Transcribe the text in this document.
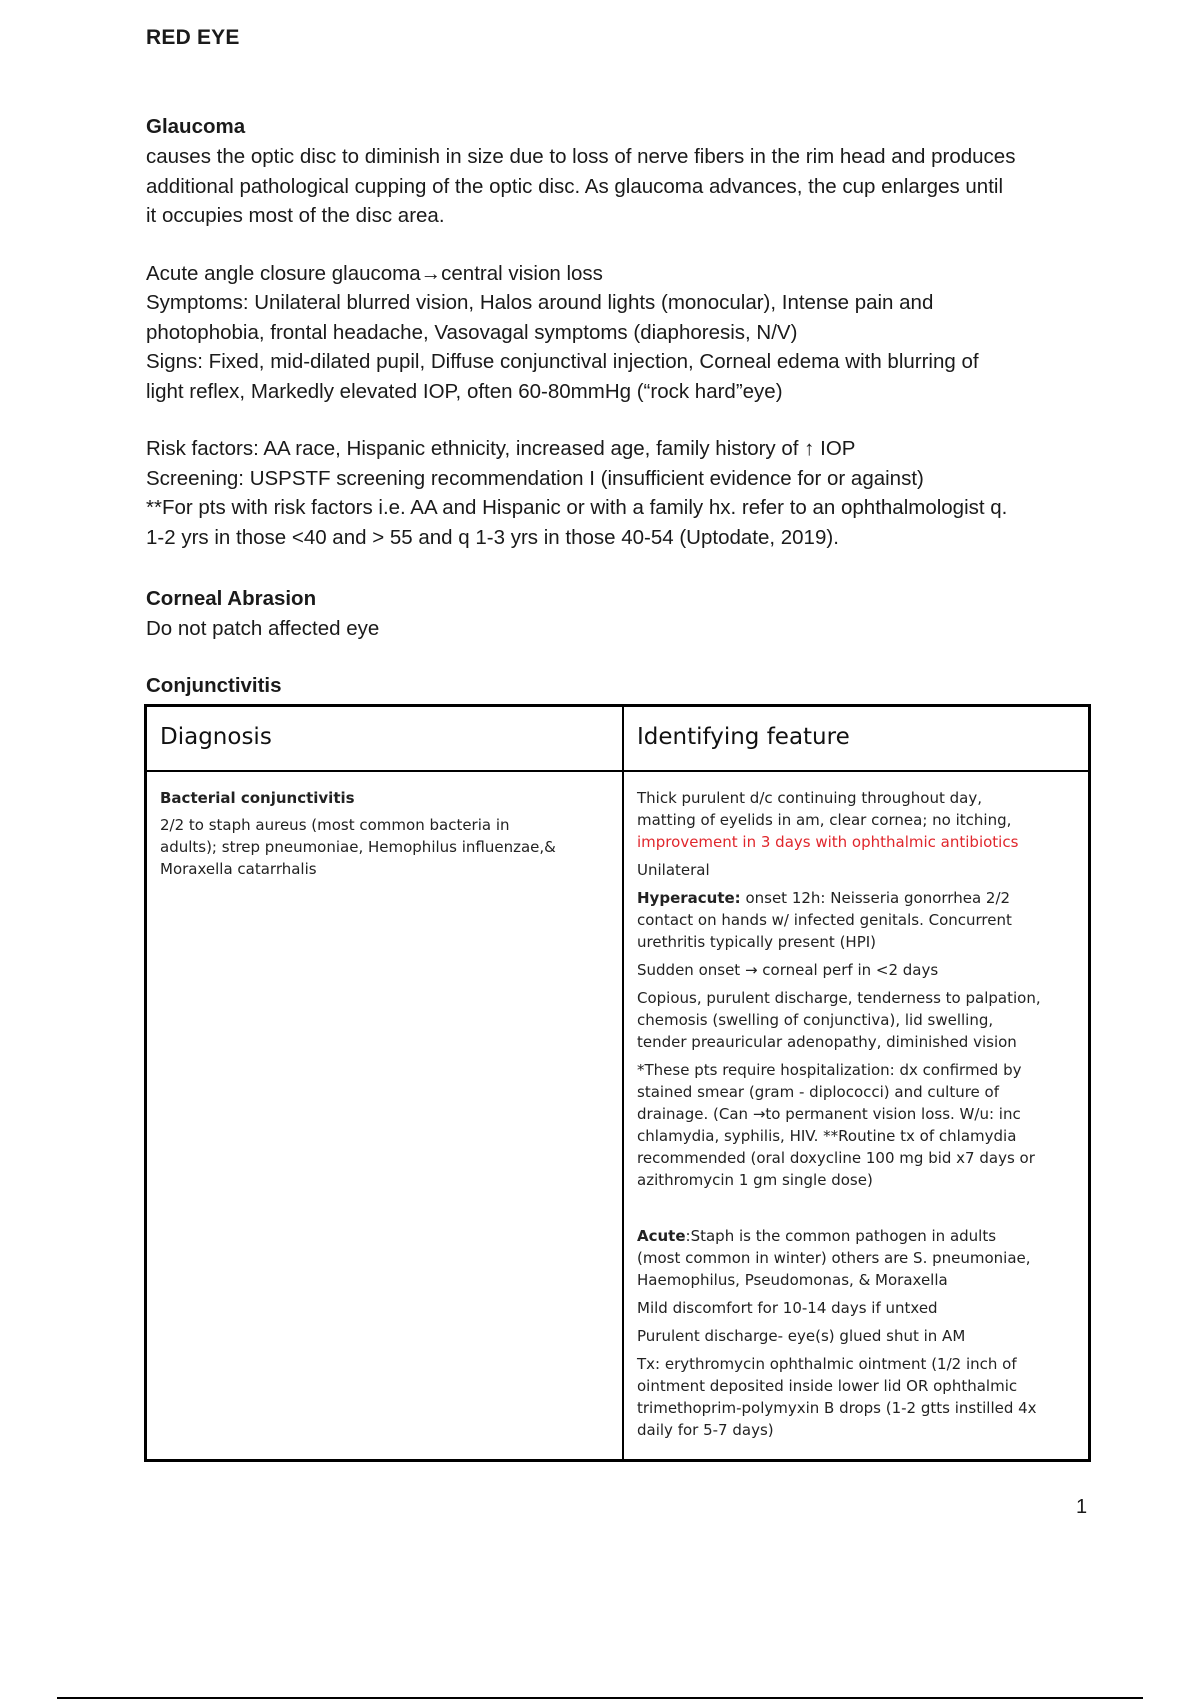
RED EYE
Glaucoma
causes the optic disc to diminish in size due to loss of nerve fibers in the rim head and produces
additional pathological cupping of the optic disc. As glaucoma advances, the cup enlarges until
it occupies most of the disc area.
Acute angle closure glaucoma→central vision loss
Symptoms: Unilateral blurred vision, Halos around lights (monocular), Intense pain and
photophobia, frontal headache, Vasovagal symptoms (diaphoresis, N/V)
Signs: Fixed, mid-dilated pupil, Diffuse conjunctival injection, Corneal edema with blurring of
light reflex, Markedly elevated IOP, often 60-80mmHg (“rock hard”eye)
Risk factors: AA race, Hispanic ethnicity, increased age, family history of ↑ IOP
Screening: USPSTF screening recommendation I (insufficient evidence for or against)
**For pts with risk factors i.e. AA and Hispanic or with a family hx. refer to an ophthalmologist q.
1-2 yrs in those <40 and > 55 and q 1-3 yrs in those 40-54 (Uptodate, 2019).
Corneal Abrasion
Do not patch affected eye
Conjunctivitis
Diagnosis	Identifying feature
Bacterial conjunctivitis
2/2 to staph aureus (most common bacteria in
adults); strep pneumoniae, Hemophilus influenzae,&
Moraxella catarrhalis
Thick purulent d/c continuing throughout day,
matting of eyelids in am, clear cornea; no itching,
improvement in 3 days with ophthalmic antibiotics
Unilateral
Hyperacute: onset 12h: Neisseria gonorrhea 2/2
contact on hands w/ infected genitals. Concurrent
urethritis typically present (HPI)
Sudden onset → corneal perf in <2 days
Copious, purulent discharge, tenderness to palpation,
chemosis (swelling of conjunctiva), lid swelling,
tender preauricular adenopathy, diminished vision
*These pts require hospitalization: dx confirmed by
stained smear (gram - diplococci) and culture of
drainage. (Can →to permanent vision loss. W/u: inc
chlamydia, syphilis, HIV. **Routine tx of chlamydia
recommended (oral doxycline 100 mg bid x7 days or
azithromycin 1 gm single dose)
Acute:Staph is the common pathogen in adults
(most common in winter) others are S. pneumoniae,
Haemophilus, Pseudomonas, & Moraxella
Mild discomfort for 10-14 days if untxed
Purulent discharge- eye(s) glued shut in AM
Tx: erythromycin ophthalmic ointment (1/2 inch of
ointment deposited inside lower lid OR ophthalmic
trimethoprim-polymyxin B drops (1-2 gtts instilled 4x
daily for 5-7 days)
1
